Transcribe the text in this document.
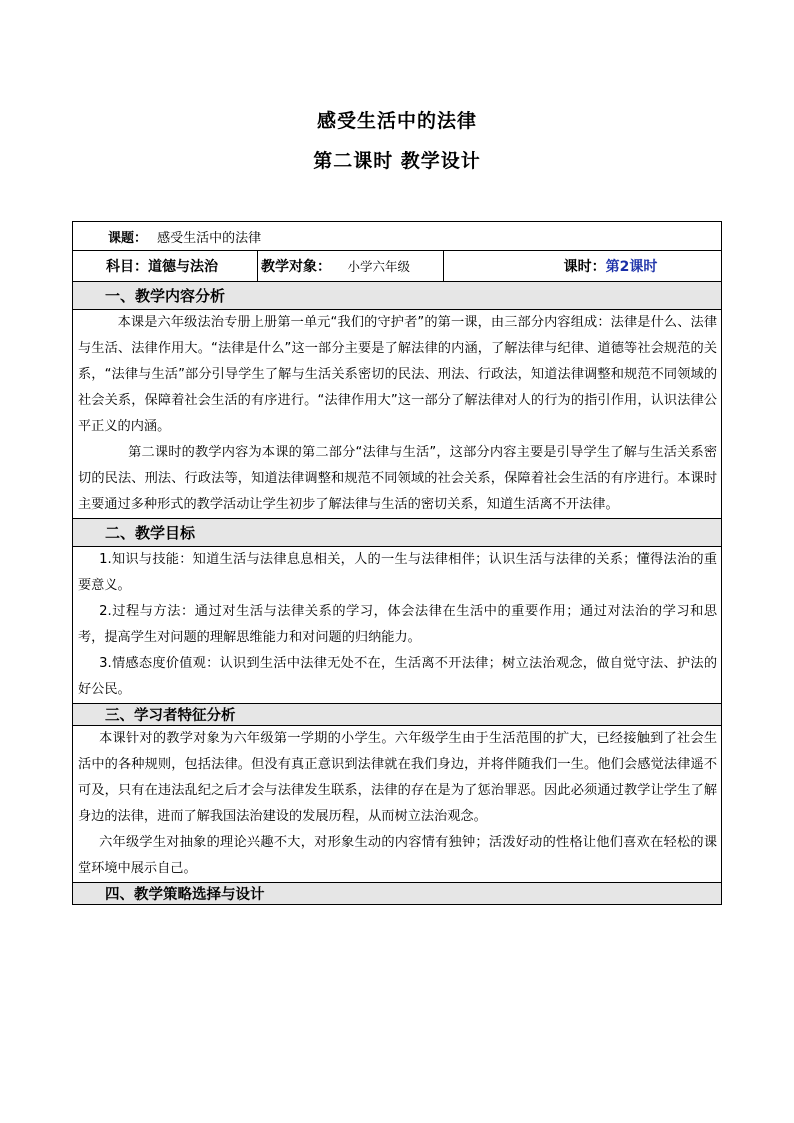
感受生活中的法律
第二课时 教学设计
课题： 感受生活中的法律
科目：道德与法治	教学对象：	小学六年级	课时：第2课时
一、教学内容分析

本课是六年级法治专册上册第一单元“我们的守护者”的第一课，由三部分内容组成：法律是什么、法律与生活、法律作用大。“法律是什么”这一部分主要是了解法律的内涵，了解法律与纪律、道德等社会规范的关系，“法律与生活”部分引导学生了解与生活关系密切的民法、刑法、行政法，知道法律调整和规范不同领域的社会关系，保障着社会生活的有序进行。“法律作用大”这一部分了解法律对人的行为的指引作用，认识法律公平正义的内涵。

第二课时的教学内容为本课的第二部分“法律与生活”，这部分内容主要是引导学生了解与生活关系密切的民法、刑法、行政法等，知道法律调整和规范不同领域的社会关系，保障着社会生活的有序进行。本课时主要通过多种形式的教学活动让学生初步了解法律与生活的密切关系，知道生活离不开法律。

二、教学目标

1.知识与技能：知道生活与法律息息相关，人的一生与法律相伴；认识生活与法律的关系；懂得法治的重要意义。

2.过程与方法：通过对生活与法律关系的学习，体会法律在生活中的重要作用；通过对法治的学习和思考，提高学生对问题的理解思维能力和对问题的归纳能力。

3.情感态度价值观：认识到生活中法律无处不在，生活离不开法律；树立法治观念，做自觉守法、护法的好公民。

三、学习者特征分析

本课针对的教学对象为六年级第一学期的小学生。六年级学生由于生活范围的扩大，已经接触到了社会生活中的各种规则，包括法律。但没有真正意识到法律就在我们身边，并将伴随我们一生。他们会感觉法律遥不可及，只有在违法乱纪之后才会与法律发生联系，法律的存在是为了惩治罪恶。因此必须通过教学让学生了解身边的法律，进而了解我国法治建设的发展历程，从而树立法治观念。

六年级学生对抽象的理论兴趣不大，对形象生动的内容情有独钟；活泼好动的性格让他们喜欢在轻松的课堂环境中展示自己。

四、教学策略选择与设计
